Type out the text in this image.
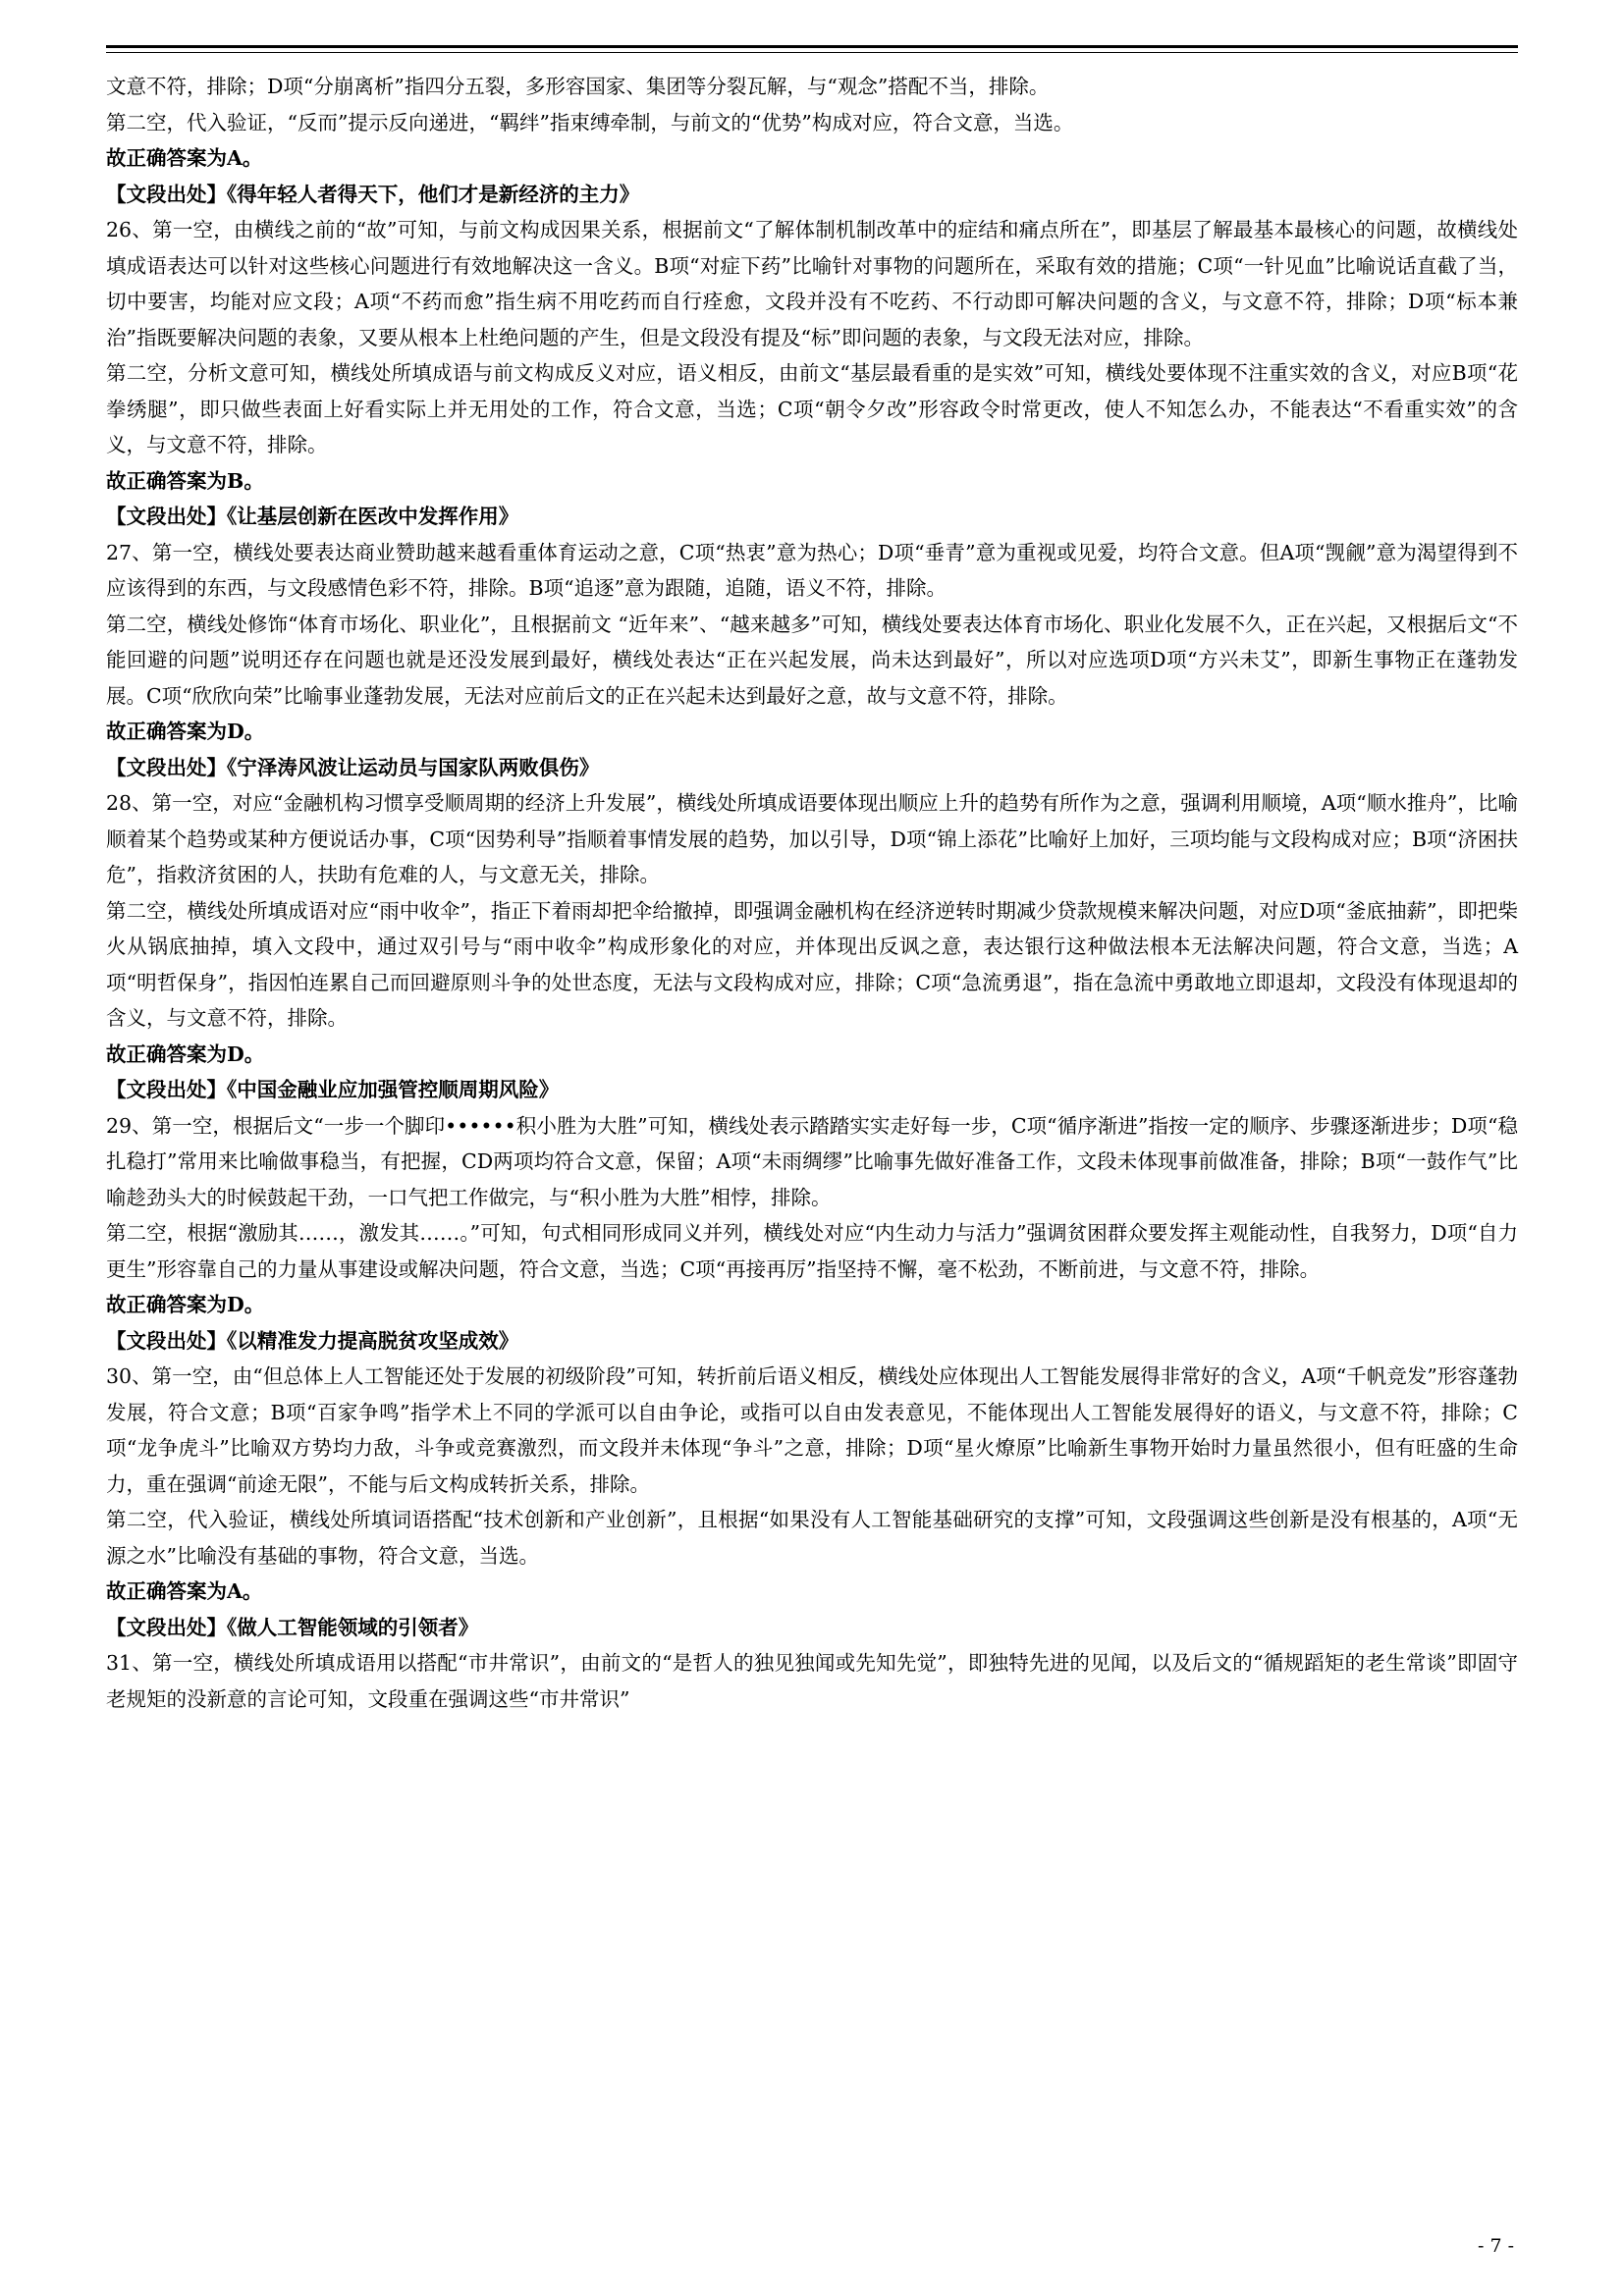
文意不符，排除；D项“分崩离析”指四分五裂，多形容国家、集团等分裂瓦解，与“观念”搭配不当，排除。

第二空，代入验证，“反而”提示反向递进，“羁绊”指束缚牵制，与前文的“优势”构成对应，符合文意，当选。

故正确答案为A。

【文段出处】《得年轻人者得天下，他们才是新经济的主力》

26、第一空，由横线之前的“故”可知，与前文构成因果关系，根据前文“了解体制机制改革中的症结和痛点所在”，即基层了解最基本最核心的问题，故横线处填成语表达可以针对这些核心问题进行有效地解决这一含义。B项“对症下药”比喻针对事物的问题所在，采取有效的措施；C项“一针见血”比喻说话直截了当，切中要害，均能对应文段；A项“不药而愈”指生病不用吃药而自行痊愈，文段并没有不吃药、不行动即可解决问题的含义，与文意不符，排除；D项“标本兼治”指既要解决问题的表象，又要从根本上杜绝问题的产生，但是文段没有提及“标”即问题的表象，与文段无法对应，排除。

第二空，分析文意可知，横线处所填成语与前文构成反义对应，语义相反，由前文“基层最看重的是实效”可知，横线处要体现不注重实效的含义，对应B项“花拳绣腿”，即只做些表面上好看实际上并无用处的工作，符合文意，当选；C项“朝令夕改”形容政令时常更改，使人不知怎么办，不能表达“不看重实效”的含义，与文意不符，排除。

故正确答案为B。

【文段出处】《让基层创新在医改中发挥作用》

27、第一空，横线处要表达商业赞助越来越看重体育运动之意，C项“热衷”意为热心；D项“垂青”意为重视或见爱，均符合文意。但A项“觊觎”意为渴望得到不应该得到的东西，与文段感情色彩不符，排除。B项“追逐”意为跟随，追随，语义不符，排除。

第二空，横线处修饰“体育市场化、职业化”，且根据前文 “近年来”、“越来越多”可知，横线处要表达体育市场化、职业化发展不久，正在兴起，又根据后文“不能回避的问题”说明还存在问题也就是还没发展到最好，横线处表达“正在兴起发展，尚未达到最好”，所以对应选项D项“方兴未艾”，即新生事物正在蓬勃发展。C项“欣欣向荣”比喻事业蓬勃发展，无法对应前后文的正在兴起未达到最好之意，故与文意不符，排除。

故正确答案为D。

【文段出处】《宁泽涛风波让运动员与国家队两败俱伤》

28、第一空，对应“金融机构习惯享受顺周期的经济上升发展”，横线处所填成语要体现出顺应上升的趋势有所作为之意，强调利用顺境，A项“顺水推舟”，比喻顺着某个趋势或某种方便说话办事，C项“因势利导”指顺着事情发展的趋势，加以引导，D项“锦上添花”比喻好上加好，三项均能与文段构成对应；B项“济困扶危”，指救济贫困的人，扶助有危难的人，与文意无关，排除。

第二空，横线处所填成语对应“雨中收伞”，指正下着雨却把伞给撤掉，即强调金融机构在经济逆转时期减少贷款规模来解决问题，对应D项“釜底抽薪”，即把柴火从锅底抽掉，填入文段中，通过双引号与“雨中收伞”构成形象化的对应，并体现出反讽之意，表达银行这种做法根本无法解决问题，符合文意，当选；A项“明哲保身”，指因怕连累自己而回避原则斗争的处世态度，无法与文段构成对应，排除；C项“急流勇退”，指在急流中勇敢地立即退却，文段没有体现退却的含义，与文意不符，排除。

故正确答案为D。

【文段出处】《中国金融业应加强管控顺周期风险》

29、第一空，根据后文“一步一个脚印••••••积小胜为大胜”可知，横线处表示踏踏实实走好每一步，C项“循序渐进”指按一定的顺序、步骤逐渐进步；D项“稳扎稳打”常用来比喻做事稳当，有把握，CD两项均符合文意，保留；A项“未雨绸缪”比喻事先做好准备工作，文段未体现事前做准备，排除；B项“一鼓作气”比喻趁劲头大的时候鼓起干劲，一口气把工作做完，与“积小胜为大胜”相悖，排除。

第二空，根据“激励其……，激发其……。”可知，句式相同形成同义并列，横线处对应“内生动力与活力”强调贫困群众要发挥主观能动性，自我努力，D项“自力更生”形容靠自己的力量从事建设或解决问题，符合文意，当选；C项“再接再厉”指坚持不懈，毫不松劲，不断前进，与文意不符，排除。

故正确答案为D。

【文段出处】《以精准发力提高脱贫攻坚成效》

30、第一空，由“但总体上人工智能还处于发展的初级阶段”可知，转折前后语义相反，横线处应体现出人工智能发展得非常好的含义，A项“千帆竞发”形容蓬勃发展，符合文意；B项“百家争鸣”指学术上不同的学派可以自由争论，或指可以自由发表意见，不能体现出人工智能发展得好的语义，与文意不符，排除；C项“龙争虎斗”比喻双方势均力敌，斗争或竞赛激烈，而文段并未体现“争斗”之意，排除；D项“星火燎原”比喻新生事物开始时力量虽然很小，但有旺盛的生命力，重在强调“前途无限”，不能与后文构成转折关系，排除。

第二空，代入验证，横线处所填词语搭配“技术创新和产业创新”，且根据“如果没有人工智能基础研究的支撑”可知，文段强调这些创新是没有根基的，A项“无源之水”比喻没有基础的事物，符合文意，当选。

故正确答案为A。

【文段出处】《做人工智能领域的引领者》

31、第一空，横线处所填成语用以搭配“市井常识”，由前文的“是哲人的独见独闻或先知先觉”，即独特先进的见闻，以及后文的“循规蹈矩的老生常谈”即固守老规矩的没新意的言论可知，文段重在强调这些“市井常识”

- 7 -
